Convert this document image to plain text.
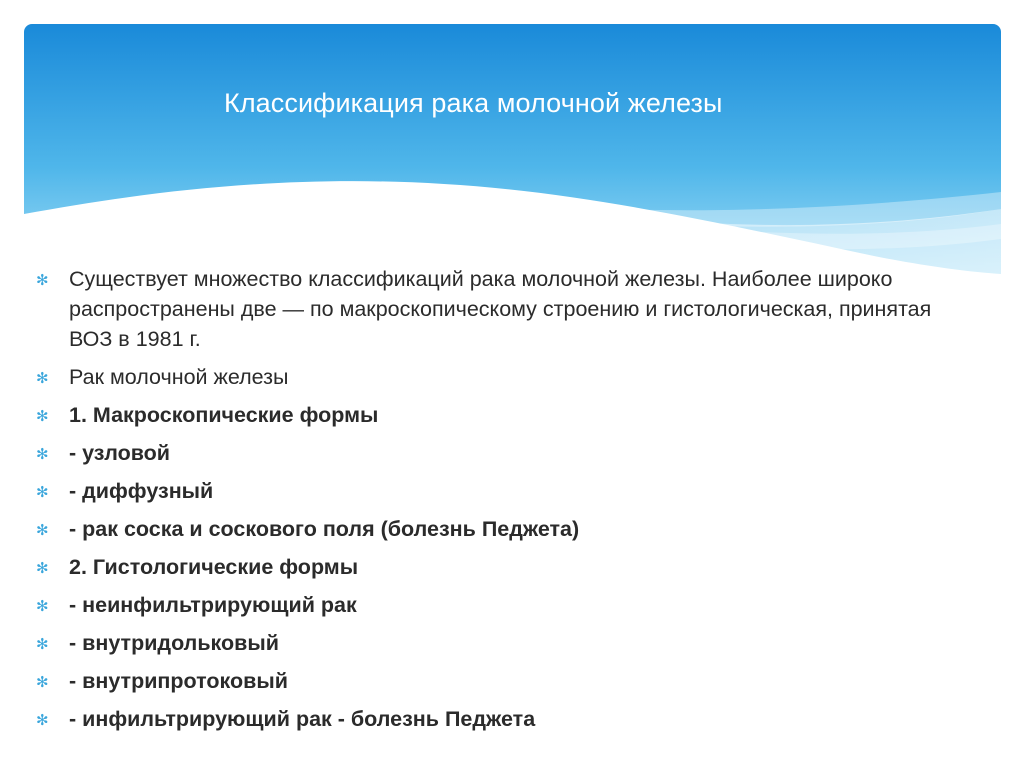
Классификация рака молочной железы
✻ Существует множество классификаций рака молочной железы. Наиболее широко распространены две — по макроскопическому строению и гистологическая, принятая ВОЗ в 1981 г.
✻ Рак молочной железы
✻ 1. Макроскопические формы
✻ - узловой
✻ - диффузный
✻ - рак соска и соскового поля (болезнь Педжета)
✻ 2. Гистологические формы
✻ - неинфильтрирующий рак
✻ - внутридольковый
✻ - внутрипротоковый
✻ - инфильтрирующий рак - болезнь Педжета
